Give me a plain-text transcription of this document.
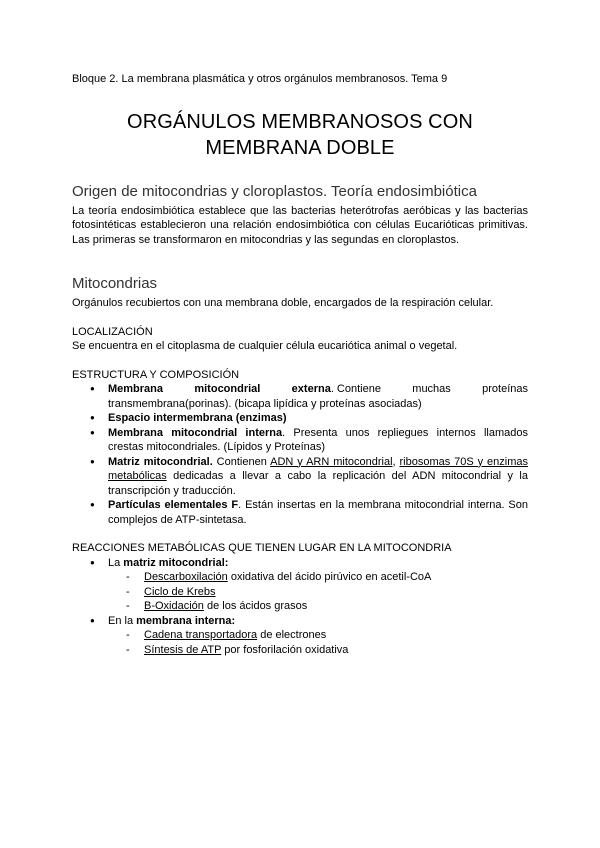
Bloque 2. La membrana plasmática y otros orgánulos membranosos. Tema 9
ORGÁNULOS MEMBRANOSOS CON
MEMBRANA DOBLE
Origen de mitocondrias y cloroplastos. Teoría endosimbiótica

La teoría endosimbiótica establece que las bacterias heterótrofas aeróbicas y las bacterias fotosintéticas establecieron una relación endosimbiótica con células Eucarióticas primitivas. Las primeras se transformaron en mitocondrias y las segundas en cloroplastos.

Mitocondrias

Orgánulos recubiertos con una membrana doble, encargados de la respiración celular.

LOCALIZACIÓN

Se encuentra en el citoplasma de cualquier célula eucariótica animal o vegetal.

ESTRUCTURA Y COMPOSICIÓN

● Membrana	mitocondrial	externa. Contiene	muchas	proteínas
transmembrana(porinas). (bicapa lipídica y proteínas asociadas)
● Espacio intermembrana (enzimas)
● Membrana mitocondrial interna. Presenta unos repliegues internos llamados crestas mitocondriales. (Lípidos y Proteínas)
● Matriz mitocondrial. Contienen ADN y ARN mitocondrial, ribosomas 70S y enzimas metabólicas dedicadas a llevar a cabo la replicación del ADN mitocondrial y la transcripción y traducción.
● Partículas elementales F. Están insertas en la membrana mitocondrial interna. Son complejos de ATP-sintetasa.

REACCIONES METABÓLICAS QUE TIENEN LUGAR EN LA MITOCONDRIA

● La matriz mitocondrial:
- Descarboxilación oxidativa del ácido pirúvico en acetil-CoA
- Ciclo de Krebs
- B-Oxidación de los ácidos grasos
● En la membrana interna:
- Cadena transportadora de electrones
- Síntesis de ATP por fosforilación oxidativa
